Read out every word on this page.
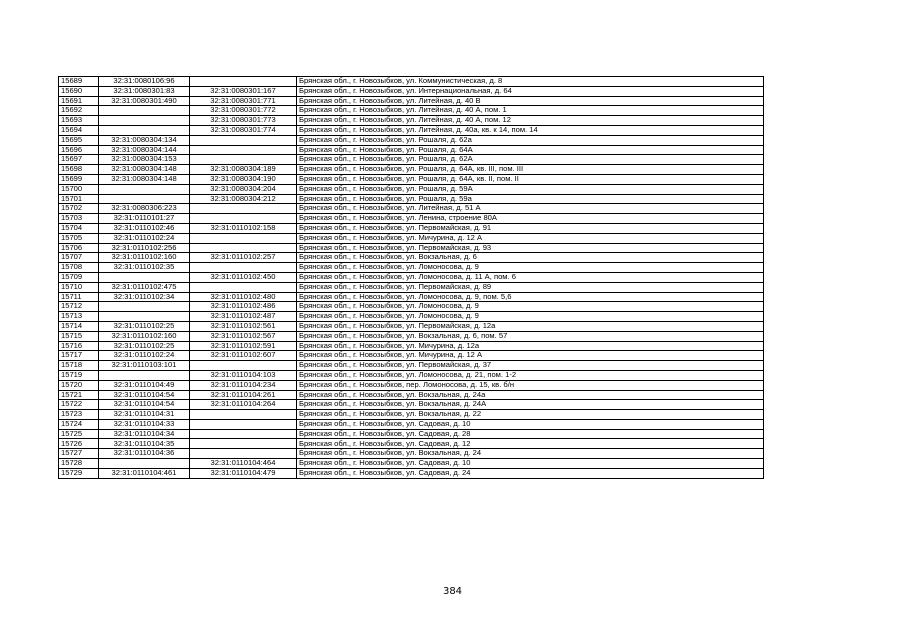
15689	32:31:0080106:96		Брянская обл., г. Новозыбков, ул. Коммунистическая, д. 8
15690	32:31:0080301:83	32:31:0080301:167	Брянская обл., г. Новозыбков, ул. Интернациональная, д. 64
15691	32:31:0080301:490	32:31:0080301:771	Брянская обл., г. Новозыбков, ул. Литейная, д. 40 В
15692		32:31:0080301:772	Брянская обл., г. Новозыбков, ул. Литейная, д. 40 А, пом. 1
15693		32:31:0080301:773	Брянская обл., г. Новозыбков, ул. Литейная, д. 40 А, пом. 12
15694		32:31:0080301:774	Брянская обл., г. Новозыбков, ул. Литейная, д. 40а, кв. к 14, пом. 14
15695	32:31:0080304:134		Брянская обл., г. Новозыбков, ул. Рошаля, д. 62а
15696	32:31:0080304:144		Брянская обл., г. Новозыбков, ул. Рошаля, д. 64А
15697	32:31:0080304:153		Брянская обл., г. Новозыбков, ул. Рошаля, д. 62А
15698	32:31:0080304:148	32:31:0080304:189	Брянская обл., г. Новозыбков, ул. Рошаля, д. 64А, кв. III, пом. III
15699	32:31:0080304:148	32:31:0080304:190	Брянская обл., г. Новозыбков, ул. Рошаля, д. 64А, кв. II, пом. II
15700		32:31:0080304:204	Брянская обл., г. Новозыбков, ул. Рошаля, д. 59А
15701		32:31:0080304:212	Брянская обл., г. Новозыбков, ул. Рошаля, д. 59а
15702	32:31:0080306:223		Брянская обл., г. Новозыбков, ул. Литейная, д. 51 А
15703	32:31:0110101:27		Брянская обл., г. Новозыбков, ул. Ленина, строение 80А
15704	32:31:0110102:46	32:31:0110102:158	Брянская обл., г. Новозыбков, ул. Первомайская, д. 91
15705	32:31:0110102:24		Брянская обл., г. Новозыбков, ул. Мичурина, д. 12 А
15706	32:31:0110102:256		Брянская обл., г. Новозыбков, ул. Первомайская, д. 93
15707	32:31:0110102:160	32:31:0110102:257	Брянская обл., г. Новозыбков, ул. Вокзальная, д. 6
15708	32:31:0110102:35		Брянская обл., г. Новозыбков, ул. Ломоносова, д. 9
15709		32:31:0110102:450	Брянская обл., г. Новозыбков, ул. Ломоносова, д. 11 А, пом. 6
15710	32:31:0110102:475		Брянская обл., г. Новозыбков, ул. Первомайская, д. 89
15711	32:31:0110102:34	32:31:0110102:480	Брянская обл., г. Новозыбков, ул. Ломоносова, д. 9, пом. 5,6
15712		32:31:0110102:486	Брянская обл., г. Новозыбков, ул. Ломоносова, д. 9
15713		32:31:0110102:487	Брянская обл., г. Новозыбков, ул. Ломоносова, д. 9
15714	32:31:0110102:25	32:31:0110102:561	Брянская обл., г. Новозыбков, ул. Первомайская, д. 12а
15715	32:31:0110102:160	32:31:0110102:567	Брянская обл., г. Новозыбков, ул. Вокзальная, д. 6, пом. 57
15716	32:31:0110102:25	32:31:0110102:591	Брянская обл., г. Новозыбков, ул. Мичурина, д. 12а
15717	32:31:0110102:24	32:31:0110102:607	Брянская обл., г. Новозыбков, ул. Мичурина, д. 12 А
15718	32:31:0110103:101		Брянская обл., г. Новозыбков, ул. Первомайская, д. 37
15719		32:31:0110104:103	Брянская обл., г. Новозыбков, ул. Ломоносова, д. 21, пом. 1-2
15720	32:31:0110104:49	32:31:0110104:234	Брянская обл., г. Новозыбков, пер. Ломоносова, д. 15, кв. б/н
15721	32:31:0110104:54	32:31:0110104:261	Брянская обл., г. Новозыбков, ул. Вокзальная, д. 24а
15722	32:31:0110104:54	32:31:0110104:264	Брянская обл., г. Новозыбков, ул. Вокзальная, д. 24А
15723	32:31:0110104:31		Брянская обл., г. Новозыбков, ул. Вокзальная, д. 22
15724	32:31:0110104:33		Брянская обл., г. Новозыбков, ул. Садовая, д. 10
15725	32:31:0110104:34		Брянская обл., г. Новозыбков, ул. Садовая, д. 28
15726	32:31:0110104:35		Брянская обл., г. Новозыбков, ул. Садовая, д. 12
15727	32:31:0110104:36		Брянская обл., г. Новозыбков, ул. Вокзальная, д. 24
15728		32:31:0110104:464	Брянская обл., г. Новозыбков, ул. Садовая, д. 10
15729	32:31:0110104:461	32:31:0110104:479	Брянская обл., г. Новозыбков, ул. Садовая, д. 24
384
